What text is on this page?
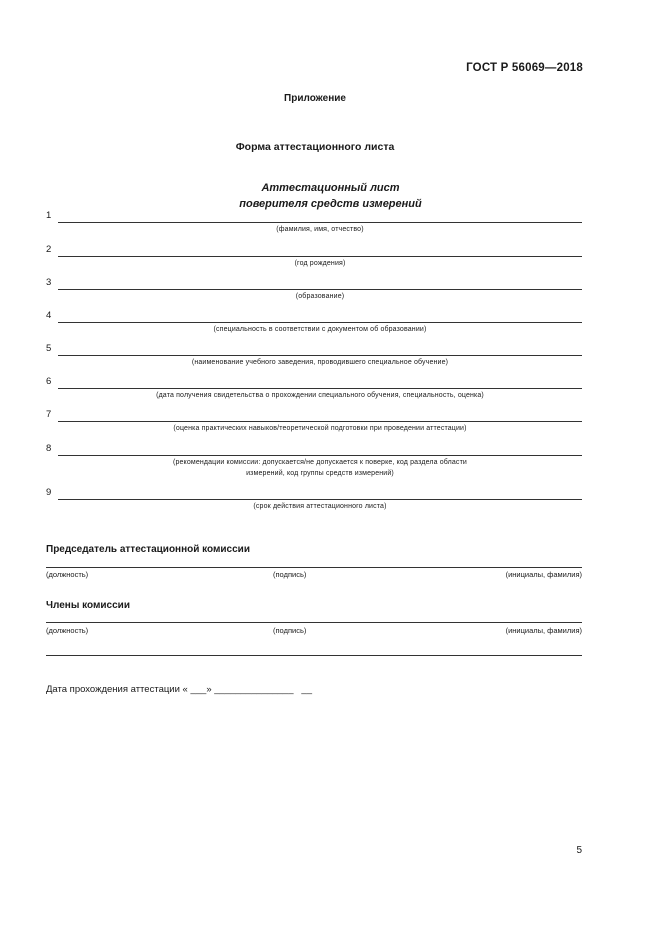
ГОСТ Р 56069—2018
Приложение
Форма аттестационного листа
Аттестационный лист
поверителя средств измерений
1
(фамилия, имя, отчество)
2
(год рождения)
3
(образование)
4
(специальность в соответствии с документом об образовании)
5
(наименование учебного заведения, проводившего специальное обучение)
6
(дата получения свидетельства о прохождении специального обучения, специальность, оценка)
7
(оценка практических навыков/теоретической подготовки при проведении аттестации)
8
(рекомендации комиссии: допускается/не допускается к поверке, код раздела области
измерений, код группы средств измерений)
9
(срок действия аттестационного листа)
Председатель аттестационной комиссии
(должность)	(подпись)	(инициалы, фамилия)
Члены комиссии
(должность)	(подпись)	(инициалы, фамилия)
Дата прохождения аттестации « ___» _______________   __
5
